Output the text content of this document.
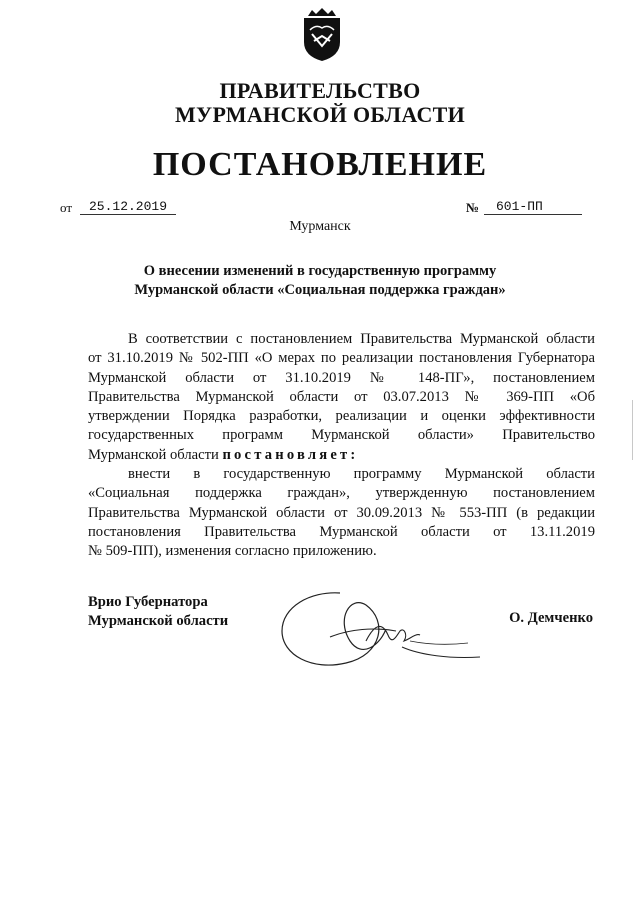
ПРАВИТЕЛЬСТВО
МУРМАНСКОЙ ОБЛАСТИ
ПОСТАНОВЛЕНИЕ
от	25.12.2019	№	601-ПП
Мурманск
О внесении изменений в государственную программу
Мурманской области «Социальная поддержка граждан»

В соответствии с постановлением Правительства Мурманской области

от 31.10.2019 № 502-ПП «О мерах по реализации постановления Губернатора

Мурманской области от 31.10.2019 № 148-ПГ», постановлением

Правительства Мурманской области от 03.07.2013 № 369-ПП «Об

утверждении Порядка разработки, реализации и оценки эффективности

государственных программ Мурманской области» Правительство

Мурманской области постановляет:

внести в государственную программу Мурманской области

«Социальная поддержка граждан», утвержденную постановлением

Правительства Мурманской области от 30.09.2013 № 553-ПП (в редакции

постановления Правительства Мурманской области от 13.11.2019

№ 509-ПП), изменения согласно приложению.

Врио Губернатора
Мурманской области	О. Демченко
